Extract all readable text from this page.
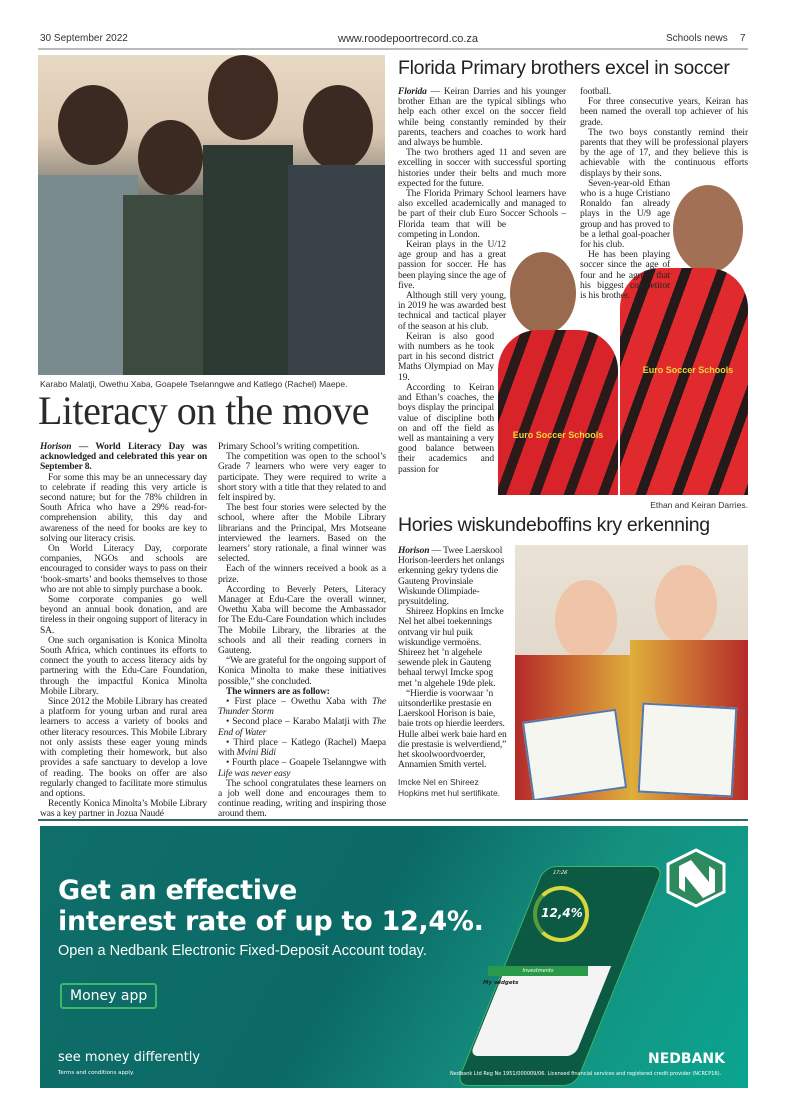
30 September 2022	www.roodepoortrecord.co.za	Schools news 7
Karabo Malatji, Owethu Xaba, Goapele Tselanngwe and Katlego (Rachel) Maepe.
Literacy on the move

Horison — World Literacy Day was acknowledged and celebrated this year on September 8.

For some this may be an unnecessary day to celebrate if reading this very article is second nature; but for the 78% children in South Africa who have a 29% read-for-comprehension ability, this day and awareness of the need for books are key to solving our literacy crisis.

On World Literacy Day, corporate companies, NGOs and schools are encouraged to consider ways to pass on their ‘book-smarts’ and books themselves to those who are not able to simply purchase a book.

Some corporate companies go well beyond an annual book donation, and are tireless in their ongoing support of literacy in SA.

One such organisation is Konica Minolta South Africa, which continues its efforts to connect the youth to access literacy aids by partnering with the Edu-Care Foundation, through the impactful Konica Minolta Mobile Library.

Since 2012 the Mobile Library has created a platform for young urban and rural area learners to access a variety of books and other literacy resources. This Mobile Library not only assists these eager young minds with completing their homework, but also provides a safe sanctuary to develop a love of reading. The books on offer are also regularly changed to facilitate more stimulus and options.

Recently Konica Minolta’s Mobile Library was a key partner in Jozua Naudé

Primary School’s writing competition.

The competition was open to the school’s Grade 7 learners who were very eager to participate. They were required to write a short story with a title that they related to and felt inspired by.

The best four stories were selected by the school, where after the Mobile Library librarians and the Principal, Mrs Motseane interviewed the learners. Based on the learners’ story rationale, a final winner was selected.

Each of the winners received a book as a prize.

According to Beverly Peters, Literacy Manager at Edu-Care the overall winner, Owethu Xaba will become the Ambassador for The Edu-Care Foundation which includes The Mobile Library, the libraries at the schools and all their reading corners in Gauteng.

“We are grateful for the ongoing support of Konica Minolta to make these initiatives possible,” she concluded.

The winners are as follow:

• First place – Owethu Xaba with The Thunder Storm

• Second place – Karabo Malatji with The End of Water

• Third place – Katlego (Rachel) Maepa with Mvini Bidi

• Fourth place – Goapele Tselanngwe with Life was never easy

The school congratulates these learners on a job well done and encourages them to continue reading, writing and inspiring those around them.

Florida Primary brothers excel in soccer
Euro Soccer Schools
Euro Soccer Schools

Florida — Keiran Darries and his younger brother Ethan are the typical siblings who help each other excel on the soccer field while being constantly reminded by their parents, teachers and coaches to work hard and always be humble.

The two brothers aged 11 and seven are excelling in soccer with successful sporting histories under their belts and much more expected for the future.

The Florida Primary School learners have also excelled academically and managed to be part of their club Euro Soccer Schools – Florida team that will be competing in London.

Keiran plays in the U/12 age group and has a great passion for soccer. He has been playing since the age of five.

Although still very young, in 2019 he was awarded best technical and tactical player of the season at his club.

Keiran is also good with numbers as he took part in his second district Maths Olympiad on May 19.

According to Keiran and Ethan’s coaches, the boys display the principal value of discipline both on and off the field as well as mantaining a very good balance between their academics and passion for

football.

For three consecutive years, Keiran has been named the overall top achiever of his grade.

The two boys constantly remind their parents that they will be professional players by the age of 17, and they believe this is achievable with the continuous efforts displays by their sons.

Seven-year-old Ethan who is a huge Cristiano Ronaldo fan already plays in the U/9 age group and has proved to be a lethal goal-poacher for his club.

He has been playing soccer since the age of four and he agrees that his biggest competitor is his brother.

Ethan and Keiran Darries.
Hories wiskundeboffins kry erkenning

Horison — Twee Laerskool Horison-leerders het onlangs erkenning gekry tydens die Gauteng Provinsiale Wiskunde Olimpiade-prysuitdeling.

Shireez Hopkins en Imcke Nel het albei toekennings ontvang vir hul puik wiskundige vermoëns. Shireez het ’n algehele sewende plek in Gauteng behaal terwyl Imcke spog met ’n algehele 19de plek.

“Hierdie is voorwaar ’n uitsonderlike prestasie en Laerskool Horison is baie, baie trots op hierdie leerders. Hulle albei werk baie hard en die prestasie is welverdiend,” het skoolwoordvoerder, Annamien Smith vertel.

Imcke Nel en Shireez Hopkins met hul sertifikate.
Get an effective
interest rate of up to 12,4%.
Open a Nedbank Electronic Fixed-Deposit Account today.
Money app
see money differently
Terms and conditions apply.
17:26
12,4%
Investments
My widgets
NEDBANK
Nedbank Ltd Reg No 1951/000009/06. Licensed financial services and registered credit provider (NCRCP16).
